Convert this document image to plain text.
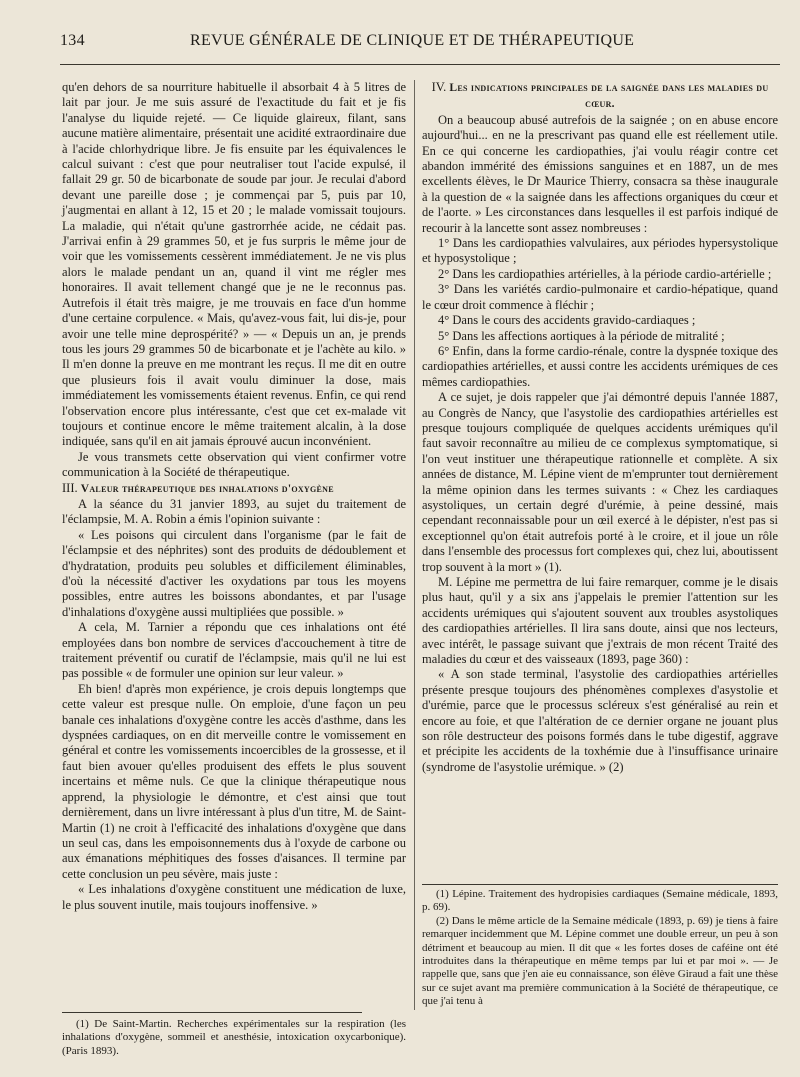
134	REVUE GÉNÉRALE DE CLINIQUE ET DE THÉRAPEUTIQUE

qu'en dehors de sa nourriture habituelle il absorbait 4 à 5 litres de lait par jour. Je me suis assuré de l'exactitude du fait et je fis l'analyse du liquide rejeté. — Ce liquide glaireux, filant, sans aucune matière alimentaire, présentait une acidité extraordinaire due à l'acide chlorhydrique libre. Je fis ensuite par les équivalences le calcul suivant : c'est que pour neutraliser tout l'acide expulsé, il fallait 29 gr. 50 de bicarbonate de soude par jour. Je reculai d'abord devant une pareille dose ; je commençai par 5, puis par 10, j'augmentai en allant à 12, 15 et 20 ; le malade vomissait toujours. La maladie, qui n'était qu'une gastrorrhée acide, ne cédait pas. J'arrivai enfin à 29 grammes 50, et je fus surpris le même jour de voir que les vomissements cessèrent immédiatement. Je ne vis plus alors le malade pendant un an, quand il vint me régler mes honoraires. Il avait tellement changé que je ne le reconnus pas. Autrefois il était très maigre, je me trouvais en face d'un homme d'une certaine corpulence. « Mais, qu'avez-vous fait, lui dis-je, pour avoir une telle mine deprospérité? » — « Depuis un an, je prends tous les jours 29 grammes 50 de bicarbonate et je l'achète au kilo. » Il m'en donne la preuve en me montrant les reçus. Il me dit en outre que plusieurs fois il avait voulu diminuer la dose, mais immédiatement les vomissements étaient revenus. Enfin, ce qui rend l'observation encore plus intéressante, c'est que cet ex-malade vit toujours et continue encore le même traitement alcalin, à la dose indiquée, sans qu'il en ait jamais éprouvé aucun inconvénient.

Je vous transmets cette observation qui vient confirmer votre communication à la Société de thérapeutique.

III. Valeur thérapeutique des inhalations d'oxygène

A la séance du 31 janvier 1893, au sujet du traitement de l'éclampsie, M. A. Robin a émis l'opinion suivante :

« Les poisons qui circulent dans l'organisme (par le fait de l'éclampsie et des néphrites) sont des produits de dédoublement et d'hydratation, produits peu solubles et difficilement éliminables, d'où la nécessité d'activer les oxydations par tous les moyens possibles, entre autres les boissons abondantes, et par l'usage d'inhalations d'oxygène aussi multipliées que possible. »

A cela, M. Tarnier a répondu que ces inhalations ont été employées dans bon nombre de services d'accouchement à titre de traitement préventif ou curatif de l'éclampsie, mais qu'il ne lui est pas possible « de formuler une opinion sur leur valeur. »

Eh bien! d'après mon expérience, je crois depuis longtemps que cette valeur est presque nulle. On emploie, d'une façon un peu banale ces inhalations d'oxygène contre les accès d'asthme, dans les dyspnées cardiaques, on en dit merveille contre le vomissement en général et contre les vomissements incoercibles de la grossesse, et il faut bien avouer qu'elles produisent des effets le plus souvent incertains et même nuls. Ce que la clinique thérapeutique nous apprend, la physiologie le démontre, et c'est ainsi que tout dernièrement, dans un livre intéressant à plus d'un titre, M. de Saint-Martin (1) ne croit à l'efficacité des inhalations d'oxygène que dans un seul cas, dans les empoisonnements dus à l'oxyde de carbone ou aux émanations méphitiques des fosses d'aisances. Il termine par cette conclusion un peu sévère, mais juste :

« Les inhalations d'oxygène constituent une médication de luxe, le plus souvent inutile, mais toujours inoffensive. »

IV. Les indications principales de la saignée dans les maladies du cœur.

On a beaucoup abusé autrefois de la saignée ; on en abuse encore aujourd'hui... en ne la prescrivant pas quand elle est réellement utile. En ce qui concerne les cardiopathies, j'ai voulu réagir contre cet abandon immérité des émissions sanguines et en 1887, un de mes excellents élèves, le Dr Maurice Thierry, consacra sa thèse inaugurale à la question de « la saignée dans les affections organiques du cœur et de l'aorte. » Les circonstances dans lesquelles il est parfois indiqué de recourir à la lancette sont assez nombreuses :

1° Dans les cardiopathies valvulaires, aux périodes hypersystolique et hyposystolique ;

2° Dans les cardiopathies artérielles, à la période cardio-artérielle ;

3° Dans les variétés cardio-pulmonaire et cardio-hépatique, quand le cœur droit commence à fléchir ;

4° Dans le cours des accidents gravido-cardiaques ;

5° Dans les affections aortiques à la période de mitralité ;

6° Enfin, dans la forme cardio-rénale, contre la dyspnée toxique des cardiopathies artérielles, et aussi contre les accidents urémiques de ces mêmes cardiopathies.

A ce sujet, je dois rappeler que j'ai démontré depuis l'année 1887, au Congrès de Nancy, que l'asystolie des cardiopathies artérielles est presque toujours compliquée de quelques accidents urémiques qu'il faut savoir reconnaître au milieu de ce complexus symptomatique, si l'on veut instituer une thérapeutique rationnelle et complète. A six années de distance, M. Lépine vient de m'emprunter tout dernièrement la même opinion dans les termes suivants : « Chez les cardiaques asystoliques, un certain degré d'urémie, à peine dessiné, mais cependant reconnaissable pour un œil exercé à le dépister, n'est pas si exceptionnel qu'on était autrefois porté à le croire, et il joue un rôle dans l'ensemble des processus fort complexes qui, chez lui, aboutissent trop souvent à la mort » (1).

M. Lépine me permettra de lui faire remarquer, comme je le disais plus haut, qu'il y a six ans j'appelais le premier l'attention sur les accidents urémiques qui s'ajoutent souvent aux troubles asystoliques des cardiopathies artérielles. Il lira sans doute, ainsi que nos lecteurs, avec intérêt, le passage suivant que j'extrais de mon récent Traité des maladies du cœur et des vaisseaux (1893, page 360) :

« A son stade terminal, l'asystolie des cardiopathies artérielles présente presque toujours des phénomènes complexes d'asystolie et d'urémie, parce que le processus scléreux s'est généralisé au rein et encore au foie, et que l'altération de ce dernier organe ne jouant plus son rôle destructeur des poisons formés dans le tube digestif, aggrave et précipite les accidents de la toxhémie due à l'insuffisance urinaire (syndrome de l'asystolie urémique. » (2)

(1) De Saint-Martin. Recherches expérimentales sur la respiration (les inhalations d'oxygène, sommeil et anesthésie, intoxication oxycarbonique). (Paris 1893).

(1) Lépine. Traitement des hydropisies cardiaques (Semaine médicale, 1893, p. 69).

(2) Dans le même article de la Semaine médicale (1893, p. 69) je tiens à faire remarquer incidemment que M. Lépine commet une double erreur, un peu à son détriment et beaucoup au mien. Il dit que « les fortes doses de caféine ont été introduites dans la thérapeutique en même temps par lui et par moi ». — Je rappelle que, sans que j'en aie eu connaissance, son élève Giraud a fait une thèse sur ce sujet avant ma première communication à la Société de thérapeutique, ce que j'ai tenu à
